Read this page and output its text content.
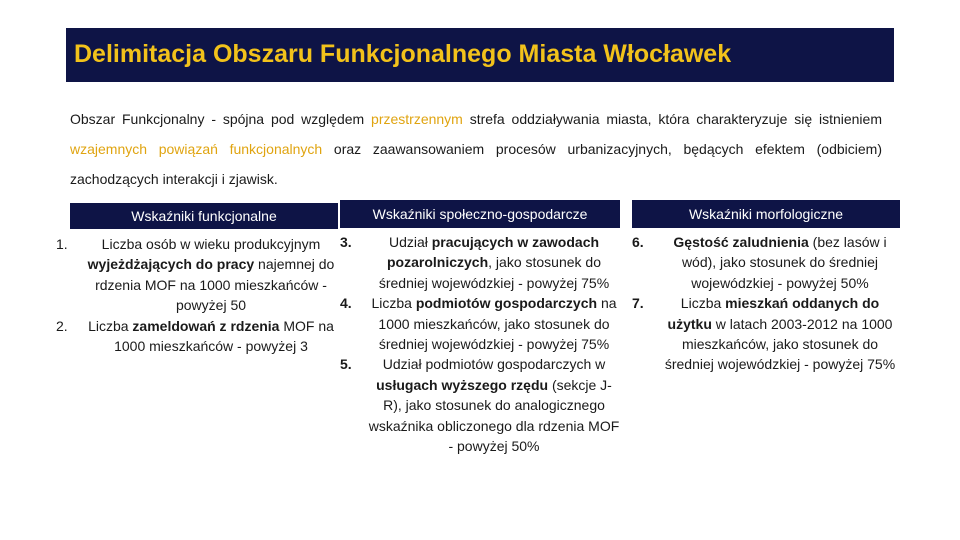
Delimitacja Obszaru Funkcjonalnego Miasta Włocławek
Obszar Funkcjonalny - spójna pod względem przestrzennym strefa oddziaływania miasta, która charakteryzuje się istnieniem wzajemnych powiązań funkcjonalnych oraz zaawansowaniem procesów urbanizacyjnych, będących efektem (odbiciem) zachodzących interakcji i zjawisk.
Wskaźniki funkcjonalne
1.	Liczba osób w wieku produkcyjnym wyjeżdżających do pracy najemnej do rdzenia MOF na 1000 mieszkańców - powyżej 50
2. Liczba zameldowań z rdzenia MOF na 1000 mieszkańców - powyżej 3
Wskaźniki społeczno-gospodarcze
3.	Udział pracujących w zawodach pozarolniczych, jako stosunek do średniej wojewódzkiej - powyżej 75%
4. Liczba podmiotów gospodarczych na 1000 mieszkańców, jako stosunek do średniej wojewódzkiej - powyżej 75%
5.	Udział podmiotów gospodarczych w usługach wyższego rzędu (sekcje J-R), jako stosunek do analogicznego wskaźnika obliczonego dla rdzenia MOF - powyżej 50%
Wskaźniki morfologiczne
6.	Gęstość zaludnienia (bez lasów i wód), jako stosunek do średniej wojewódzkiej - powyżej 50%
7.	Liczba mieszkań oddanych do użytku w latach 2003-2012 na 1000 mieszkańców, jako stosunek do średniej wojewódzkiej - powyżej 75%
